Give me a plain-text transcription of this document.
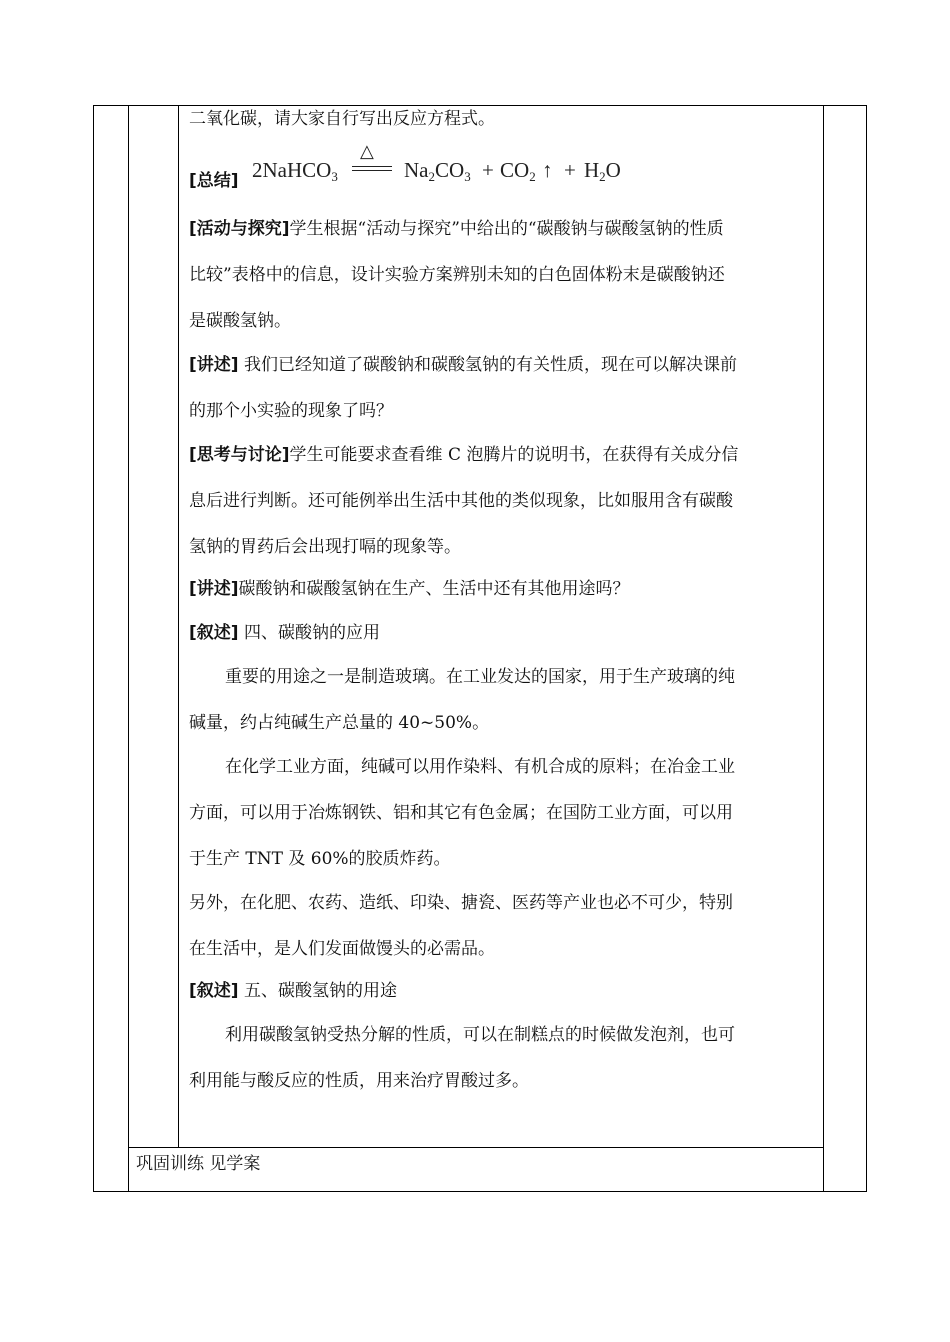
二氧化碳，请大家自行写出反应方程式。
[总结]
[活动与探究]学生根据“活动与探究”中给出的“碳酸钠与碳酸氢钠的性质
比较”表格中的信息，设计实验方案辨别未知的白色固体粉末是碳酸钠还
是碳酸氢钠。
[讲述] 我们已经知道了碳酸钠和碳酸氢钠的有关性质，现在可以解决课前
的那个小实验的现象了吗？
[思考与讨论]学生可能要求查看维 C 泡腾片的说明书，在获得有关成分信
息后进行判断。还可能例举出生活中其他的类似现象，比如服用含有碳酸
氢钠的胃药后会出现打嗝的现象等。
[讲述]碳酸钠和碳酸氢钠在生产、生活中还有其他用途吗？
[叙述] 四、碳酸钠的应用
重要的用途之一是制造玻璃。在工业发达的国家，用于生产玻璃的纯
碱量，约占纯碱生产总量的 40~50%。
在化学工业方面，纯碱可以用作染料、有机合成的原料；在冶金工业
方面，可以用于冶炼钢铁、铝和其它有色金属；在国防工业方面，可以用
于生产 TNT 及 60%的胶质炸药。
另外，在化肥、农药、造纸、印染、搪瓷、医药等产业也必不可少，特别
在生活中，是人们发面做馒头的必需品。
[叙述] 五、碳酸氢钠的用途
利用碳酸氢钠受热分解的性质，可以在制糕点的时候做发泡剂，也可
利用能与酸反应的性质，用来治疗胃酸过多。
2NaHCO$_3$
△
$Na_2CO_3 + CO_2$ ↑ + $H_2O$
巩固训练 见学案
